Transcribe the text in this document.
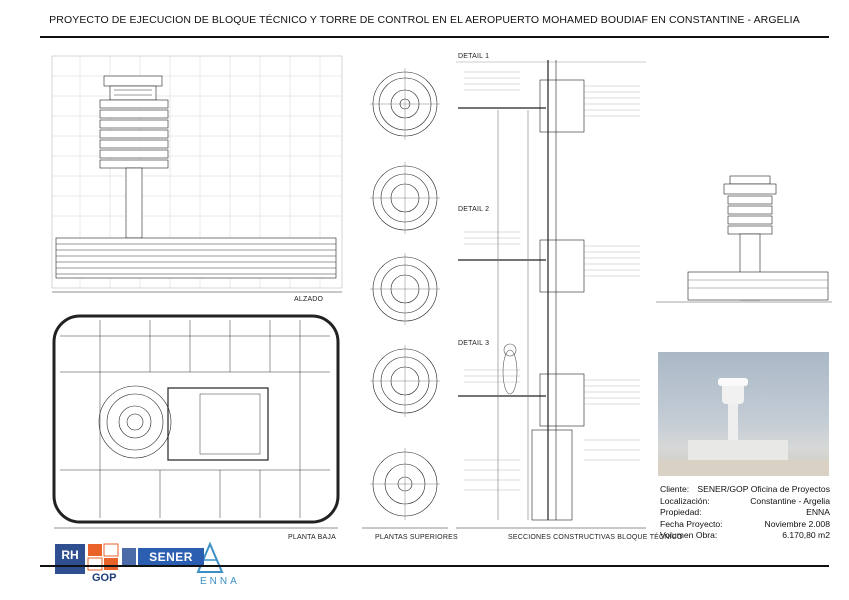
PROYECTO DE EJECUCION DE BLOQUE TÉCNICO Y TORRE DE CONTROL EN EL AEROPUERTO MOHAMED BOUDIAF EN CONSTANTINE - ARGELIA
ALZADO
PLANTA BAJA	PLANTAS SUPERIORES
DETAIL 1
DETAIL 2
DETAIL 3
SECCIONES CONSTRUCTIVAS BLOQUE TÉCNICO
Cliente: SENER/GOP Oficina de Proyectos
Localización:	Constantine - Argelia
Propiedad:	ENNA
Fecha Proyecto:	Noviembre 2.008
Volumen Obra:	6.170,80 m2
RH
GOP
SENER
ENNA
